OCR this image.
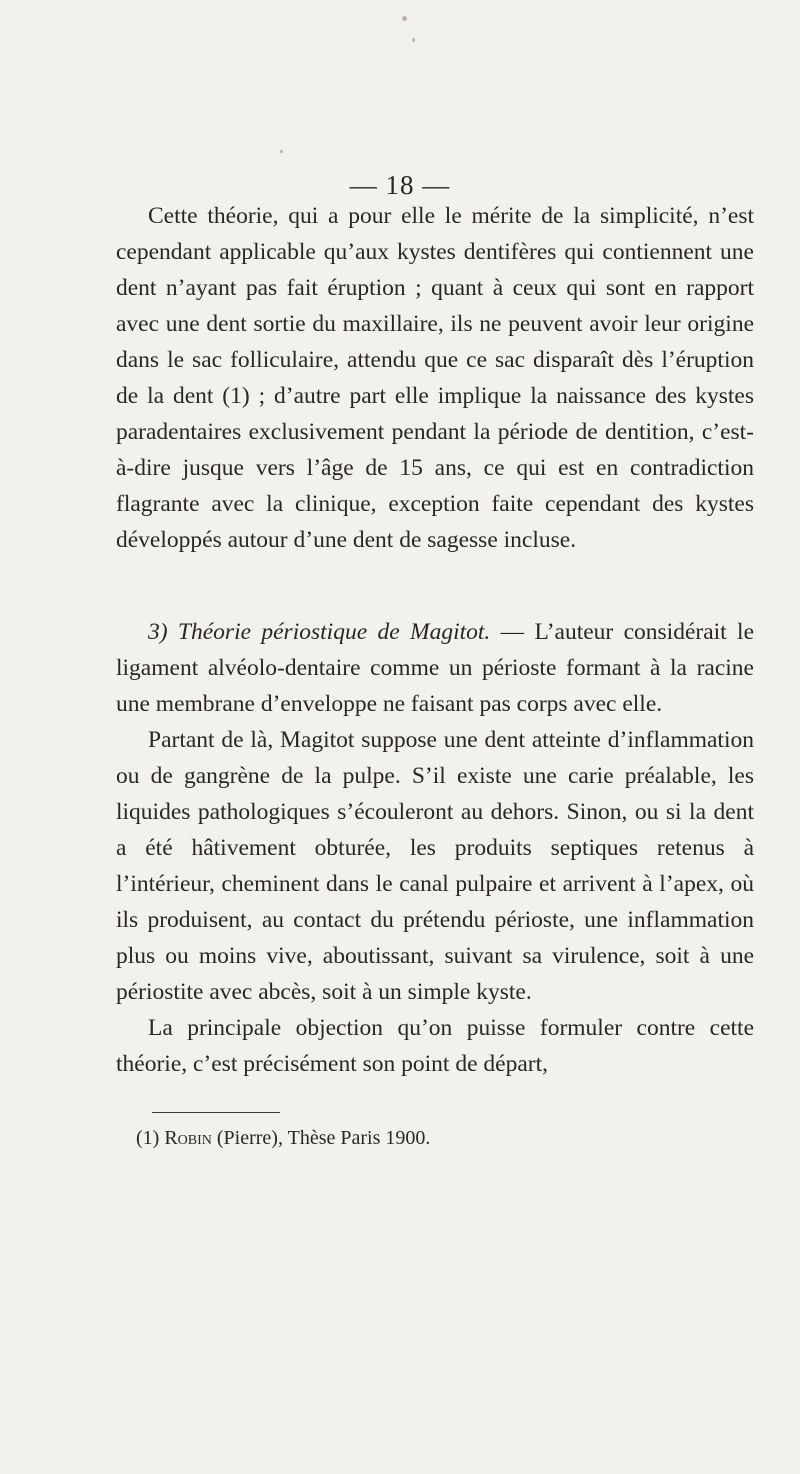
— 18 —

Cette théorie, qui a pour elle le mérite de la simplicité, n’est cependant applicable qu’aux kystes dentifères qui contiennent une dent n’ayant pas fait éruption ; quant à ceux qui sont en rapport avec une dent sortie du maxillaire, ils ne peuvent avoir leur origine dans le sac folliculaire, attendu que ce sac disparaît dès l’éruption de la dent (1) ; d’autre part elle implique la naissance des kystes paradentaires exclusivement pendant la période de dentition, c’est-à-dire jusque vers l’âge de 15 ans, ce qui est en contradiction flagrante avec la clinique, exception faite cependant des kystes développés autour d’une dent de sagesse incluse.

3) Théorie périostique de Magitot. — L’auteur considérait le ligament alvéolo-dentaire comme un périoste formant à la racine une membrane d’enveloppe ne faisant pas corps avec elle.

Partant de là, Magitot suppose une dent atteinte d’inflammation ou de gangrène de la pulpe. S’il existe une carie préalable, les liquides pathologiques s’écouleront au dehors. Sinon, ou si la dent a été hâtivement obturée, les produits septiques retenus à l’intérieur, cheminent dans le canal pulpaire et arrivent à l’apex, où ils produisent, au contact du prétendu périoste, une inflammation plus ou moins vive, aboutissant, suivant sa virulence, soit à une périostite avec abcès, soit à un simple kyste.

La principale objection qu’on puisse formuler contre cette théorie, c’est précisément son point de départ,

(1) Robin (Pierre), Thèse Paris 1900.
